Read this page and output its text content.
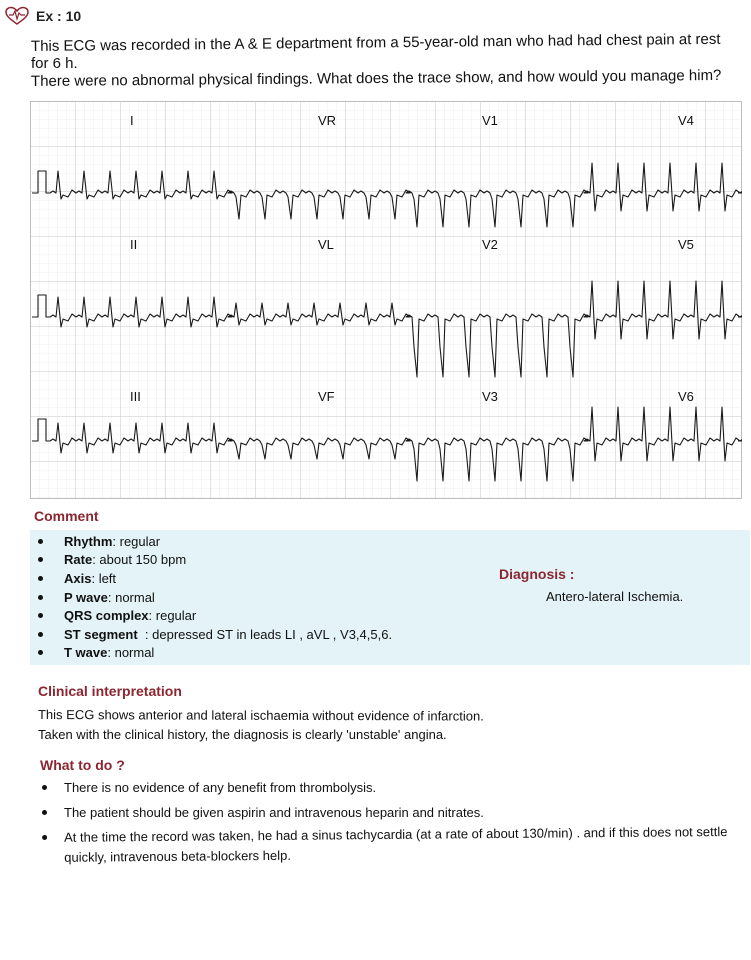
Ex : 10

This ECG was recorded in the A & E department from a 55-year-old man who had had chest pain at rest

for 6 h.

There were no abnormal physical findings. What does the trace show, and how would you manage him?

I	VR	V1	V4
II	VL	V2	V5
III	VF	V3	V6
Comment
Rhythm : regular
Rate : about 150 bpm
Axis : left
P wave : normal
QRS complex : regular
ST segment : depressed ST in leads LI , aVL , V3,4,5,6.
T wave : normal
Diagnosis :
Antero-lateral Ischemia.
Clinical interpretation

This ECG shows anterior and lateral ischaemia without evidence of infarction.

Taken with the clinical history, the diagnosis is clearly 'unstable' angina.

What to do ?
There is no evidence of any benefit from thrombolysis.
The patient should be given aspirin and intravenous heparin and nitrates.
At the time the record was taken, he had a sinus tachycardia (at a rate of about 130/min) . and if this does not settle quickly, intravenous beta-blockers help.
